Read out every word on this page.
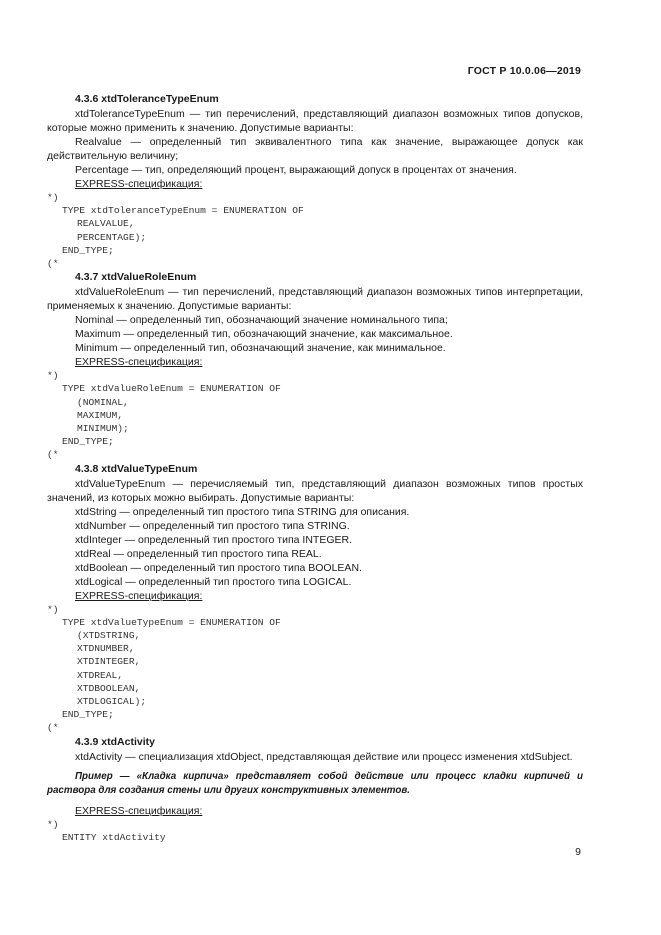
ГОСТ Р 10.0.06—2019
4.3.6 xtdToleranceTypeEnum
xtdToleranceTypeEnum — тип перечислений, представляющий диапазон возможных типов допусков, которые можно применить к значению. Допустимые варианты:
Realvalue — определенный тип эквивалентного типа как значение, выражающее допуск как действительную величину;
Percentage — тип, определяющий процент, выражающий допуск в процентах от значения.
EXPRESS-спецификация:
*)
TYPE xtdToleranceTypeEnum = ENUMERATION OF
REALVALUE,
PERCENTAGE);
END_TYPE;
(*
4.3.7 xtdValueRoleEnum
xtdValueRoleEnum — тип перечислений, представляющий диапазон возможных типов интерпретации, применяемых к значению. Допустимые варианты:
Nominal — определенный тип, обозначающий значение номинального типа;
Maximum — определенный тип, обозначающий значение, как максимальное.
Minimum — определенный тип, обозначающий значение, как минимальное.
EXPRESS-спецификация:
*)
TYPE xtdValueRoleEnum = ENUMERATION OF
(NOMINAL,
MAXIMUM,
MINIMUM);
END_TYPE;
(*
4.3.8 xtdValueTypeEnum
xtdValueTypeEnum — перечисляемый тип, представляющий диапазон возможных типов простых значений, из которых можно выбирать. Допустимые варианты:
xtdString — определенный тип простого типа STRING для описания.
xtdNumber — определенный тип простого типа STRING.
xtdInteger — определенный тип простого типа INTEGER.
xtdReal — определенный тип простого типа REAL.
xtdBoolean — определенный тип простого типа BOOLEAN.
xtdLogical — определенный тип простого типа LOGICAL.
EXPRESS-спецификация:
*)
TYPE xtdValueTypeEnum = ENUMERATION OF
(XTDSTRING,
XTDNUMBER,
XTDINTEGER,
XTDREAL,
XTDBOOLEAN,
XTDLOGICAL);
END_TYPE;
(*
4.3.9 xtdActivity
xtdActivity — специализация xtdObject, представляющая действие или процесс изменения xtdSubject.
Пример — «Кладка кирпича» представляет собой действие или процесс кладки кирпичей и раствора для создания стены или других конструктивных элементов.
EXPRESS-спецификация:
*)
ENTITY xtdActivity
9
